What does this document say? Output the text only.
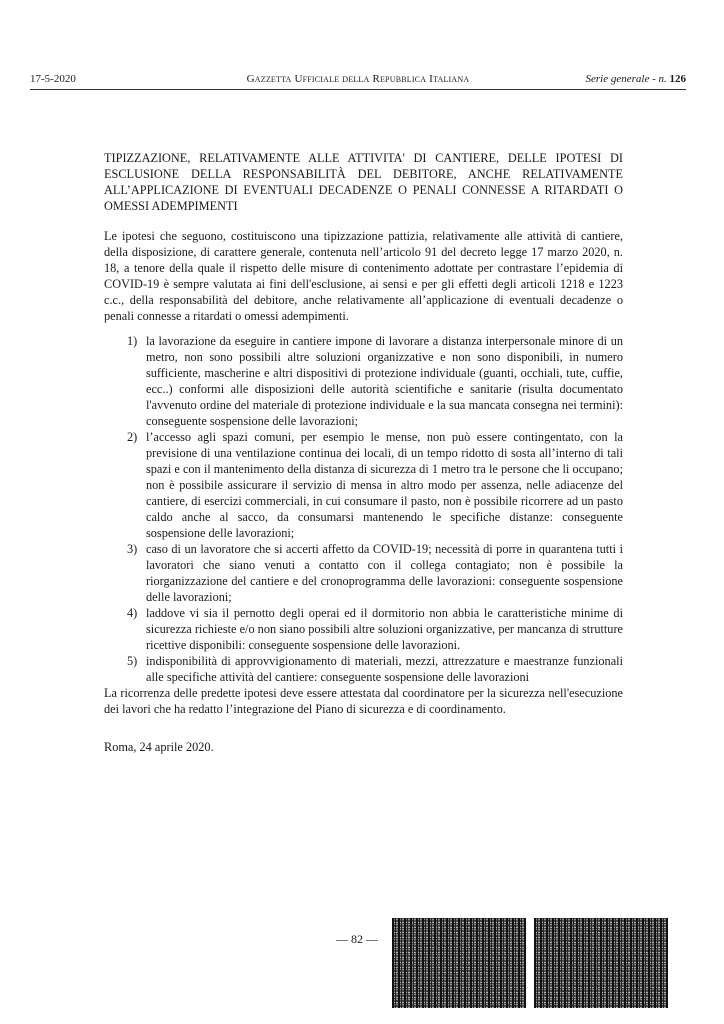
17-5-2020	Gazzetta Ufficiale della Repubblica Italiana	Serie generale - n. 126
TIPIZZAZIONE, RELATIVAMENTE ALLE ATTIVITA' DI CANTIERE, DELLE IPOTESI DI ESCLUSIONE DELLA RESPONSABILITÀ DEL DEBITORE, ANCHE RELATIVAMENTE ALL’APPLICAZIONE DI EVENTUALI DECADENZE O PENALI CONNESSE A RITARDATI O OMESSI ADEMPIMENTI

Le ipotesi che seguono, costituiscono una tipizzazione pattizia, relativamente alle attività di cantiere, della disposizione, di carattere generale, contenuta nell’articolo 91 del decreto legge 17 marzo 2020, n. 18, a tenore della quale il rispetto delle misure di contenimento adottate per contrastare l’epidemia di COVID-19 è sempre valutata ai fini dell'esclusione, ai sensi e per gli effetti degli articoli 1218 e 1223 c.c., della responsabilità del debitore, anche relativamente all’applicazione di eventuali decadenze o penali connesse a ritardati o omessi adempimenti.

1) la lavorazione da eseguire in cantiere impone di lavorare a distanza interpersonale minore di un metro, non sono possibili altre soluzioni organizzative e non sono disponibili, in numero sufficiente, mascherine e altri dispositivi di protezione individuale (guanti, occhiali, tute, cuffie, ecc..) conformi alle disposizioni delle autorità scientifiche e sanitarie (risulta documentato l'avvenuto ordine del materiale di protezione individuale e la sua mancata consegna nei termini): conseguente sospensione delle lavorazioni;
2) l’accesso agli spazi comuni, per esempio le mense, non può essere contingentato, con la previsione di una ventilazione continua dei locali, di un tempo ridotto di sosta all’interno di tali spazi e con il mantenimento della distanza di sicurezza di 1 metro tra le persone che li occupano; non è possibile assicurare il servizio di mensa in altro modo per assenza, nelle adiacenze del cantiere, di esercizi commerciali, in cui consumare il pasto, non è possibile ricorrere ad un pasto caldo anche al sacco, da consumarsi mantenendo le specifiche distanze: conseguente sospensione delle lavorazioni;
3) caso di un lavoratore che si accerti affetto da COVID-19; necessità di porre in quarantena tutti i lavoratori che siano venuti a contatto con il collega contagiato; non è possibile la riorganizzazione del cantiere e del cronoprogramma delle lavorazioni: conseguente sospensione delle lavorazioni;
4) laddove vi sia il pernotto degli operai ed il dormitorio non abbia le caratteristiche minime di sicurezza richieste e/o non siano possibili altre soluzioni organizzative, per mancanza di strutture ricettive disponibili: conseguente sospensione delle lavorazioni.
5) indisponibilità di approvvigionamento di materiali, mezzi, attrezzature e maestranze funzionali alle specifiche attività del cantiere: conseguente sospensione delle lavorazioni

La ricorrenza delle predette ipotesi deve essere attestata dal coordinatore per la sicurezza nell'esecuzione dei lavori che ha redatto l’integrazione del Piano di sicurezza e di coordinamento.

Roma, 24 aprile 2020.

— 82 —
